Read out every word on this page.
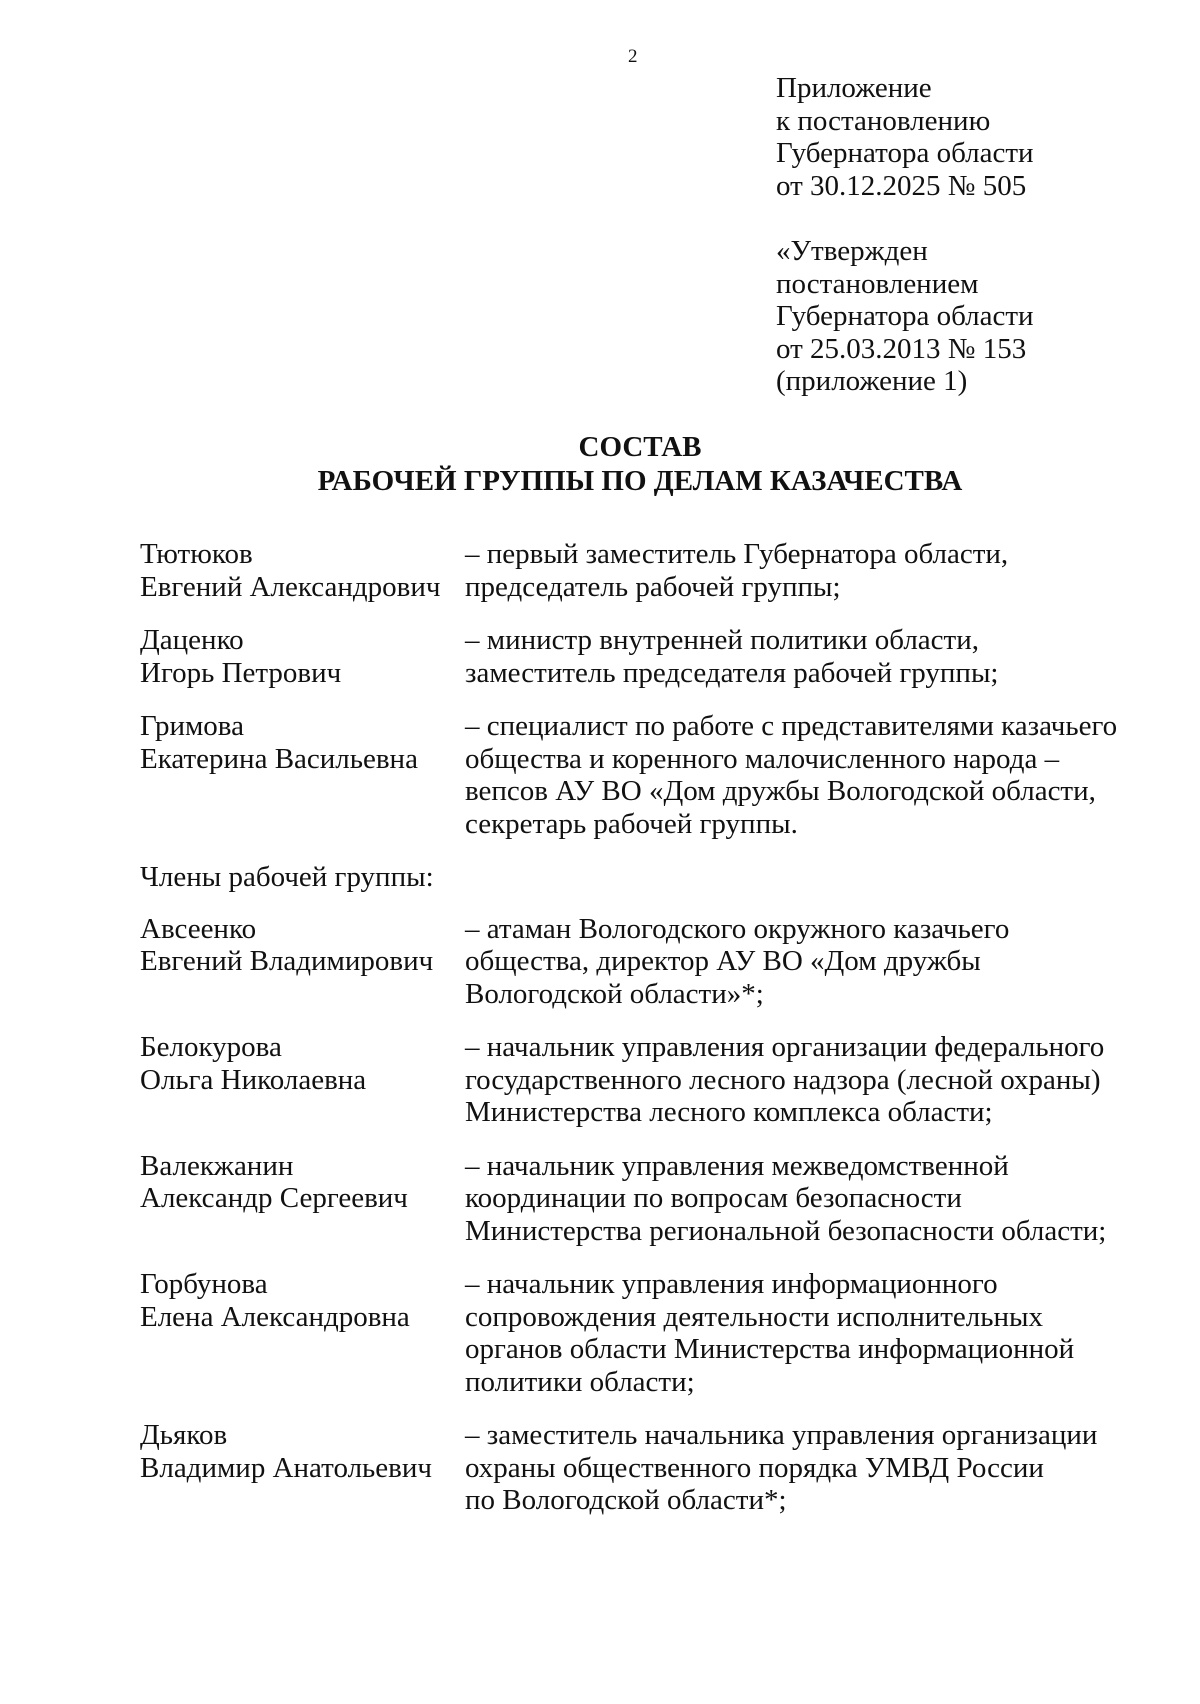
2
Приложение
к постановлению
Губернатора области
от 30.12.2025 № 505
«Утвержден
постановлением
Губернатора области
от 25.03.2013 № 153
(приложение 1)
СОСТАВ
РАБОЧЕЙ ГРУППЫ ПО ДЕЛАМ КАЗАЧЕСТВА
Тютюков
Евгений Александрович
– первый заместитель Губернатора области,
председатель рабочей группы;
Даценко
Игорь Петрович
– министр внутренней политики области,
заместитель председателя рабочей группы;
Гримова
Екатерина Васильевна
– специалист по работе с представителями казачьего
общества и коренного малочисленного народа –
вепсов АУ ВО «Дом дружбы Вологодской области,
секретарь рабочей группы.
Члены рабочей группы:
Авсеенко
Евгений Владимирович
– атаман Вологодского окружного казачьего
общества, директор АУ ВО «Дом дружбы
Вологодской области»*;
Белокурова
Ольга Николаевна
– начальник управления организации федерального
государственного лесного надзора (лесной охраны)
Министерства лесного комплекса области;
Валекжанин
Александр Сергеевич
– начальник управления межведомственной
координации по вопросам безопасности
Министерства региональной безопасности области;
Горбунова
Елена Александровна
– начальник управления информационного
сопровождения деятельности исполнительных
органов области Министерства информационной
политики области;
Дьяков
Владимир Анатольевич
– заместитель начальника управления организации
охраны общественного порядка УМВД России
по Вологодской области*;
